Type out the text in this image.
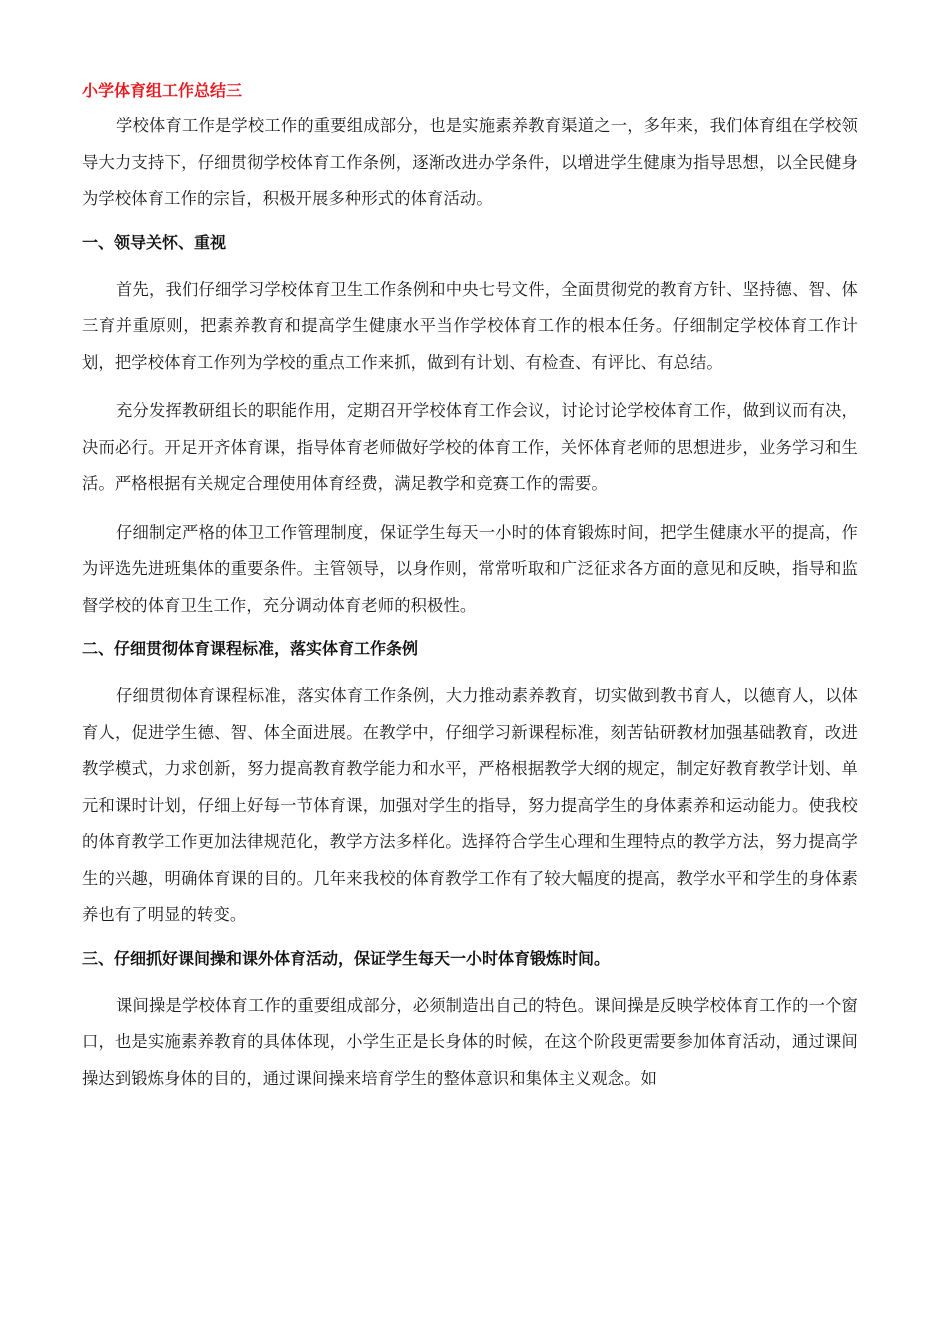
小学体育组工作总结三

学校体育工作是学校工作的重要组成部分，也是实施素养教育渠道之一，多年来，我们体育组在学校领导大力支持下，仔细贯彻学校体育工作条例，逐渐改进办学条件，以增进学生健康为指导思想，以全民健身为学校体育工作的宗旨，积极开展多种形式的体育活动。

一、领导关怀、重视

首先，我们仔细学习学校体育卫生工作条例和中央七号文件，全面贯彻党的教育方针、坚持德、智、体三育并重原则，把素养教育和提高学生健康水平当作学校体育工作的根本任务。仔细制定学校体育工作计划，把学校体育工作列为学校的重点工作来抓，做到有计划、有检查、有评比、有总结。

充分发挥教研组长的职能作用，定期召开学校体育工作会议，讨论讨论学校体育工作，做到议而有决，决而必行。开足开齐体育课，指导体育老师做好学校的体育工作，关怀体育老师的思想进步，业务学习和生活。严格根据有关规定合理使用体育经费，满足教学和竞赛工作的需要。

仔细制定严格的体卫工作管理制度，保证学生每天一小时的体育锻炼时间，把学生健康水平的提高，作为评选先进班集体的重要条件。主管领导，以身作则，常常听取和广泛征求各方面的意见和反映，指导和监督学校的体育卫生工作，充分调动体育老师的积极性。

二、仔细贯彻体育课程标准，落实体育工作条例

仔细贯彻体育课程标准，落实体育工作条例，大力推动素养教育，切实做到教书育人，以德育人，以体育人，促进学生德、智、体全面进展。在教学中，仔细学习新课程标准，刻苦钻研教材加强基础教育，改进教学模式，力求创新，努力提高教育教学能力和水平，严格根据教学大纲的规定，制定好教育教学计划、单元和课时计划，仔细上好每一节体育课，加强对学生的指导，努力提高学生的身体素养和运动能力。使我校的体育教学工作更加法律规范化，教学方法多样化。选择符合学生心理和生理特点的教学方法，努力提高学生的兴趣，明确体育课的目的。几年来我校的体育教学工作有了较大幅度的提高，教学水平和学生的身体素养也有了明显的转变。

三、仔细抓好课间操和课外体育活动，保证学生每天一小时体育锻炼时间。

课间操是学校体育工作的重要组成部分，必须制造出自己的特色。课间操是反映学校体育工作的一个窗口，也是实施素养教育的具体体现，小学生正是长身体的时候，在这个阶段更需要参加体育活动，通过课间操达到锻炼身体的目的，通过课间操来培育学生的整体意识和集体主义观念。如
